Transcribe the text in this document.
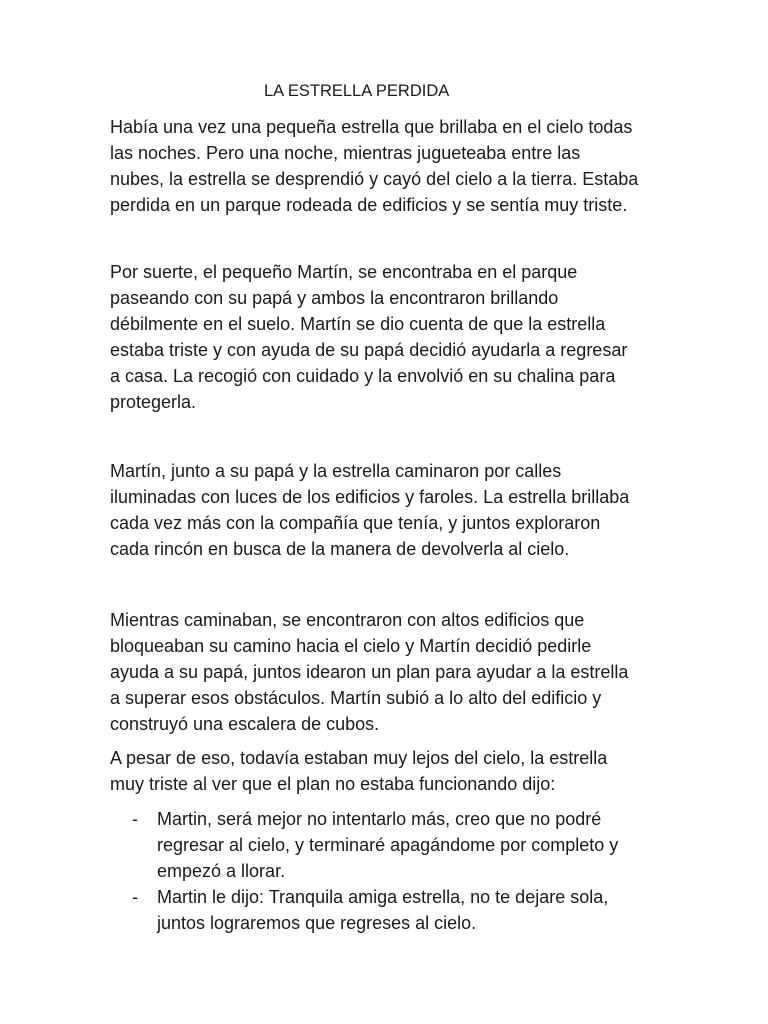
LA ESTRELLA PERDIDA

Había una vez una pequeña estrella que brillaba en el cielo todas
las noches. Pero una noche, mientras jugueteaba entre las
nubes, la estrella se desprendió y cayó del cielo a la tierra. Estaba
perdida en un parque rodeada de edificios y se sentía muy triste.

Por suerte, el pequeño Martín, se encontraba en el parque
paseando con su papá y ambos la encontraron brillando
débilmente en el suelo. Martín se dio cuenta de que la estrella
estaba triste y con ayuda de su papá decidió ayudarla a regresar
a casa. La recogió con cuidado y la envolvió en su chalina para
protegerla.

Martín, junto a su papá y la estrella caminaron por calles
iluminadas con luces de los edificios y faroles. La estrella brillaba
cada vez más con la compañía que tenía, y juntos exploraron
cada rincón en busca de la manera de devolverla al cielo.

Mientras caminaban, se encontraron con altos edificios que
bloqueaban su camino hacia el cielo y Martín decidió pedirle
ayuda a su papá, juntos idearon un plan para ayudar a la estrella
a superar esos obstáculos. Martín subió a lo alto del edificio y
construyó una escalera de cubos.

A pesar de eso, todavía estaban muy lejos del cielo, la estrella
muy triste al ver que el plan no estaba funcionando dijo:

- Martin, será mejor no intentarlo más, creo que no podré
regresar al cielo, y terminaré apagándome por completo y
empezó a llorar.
- Martin le dijo: Tranquila amiga estrella, no te dejare sola,
juntos lograremos que regreses al cielo.
